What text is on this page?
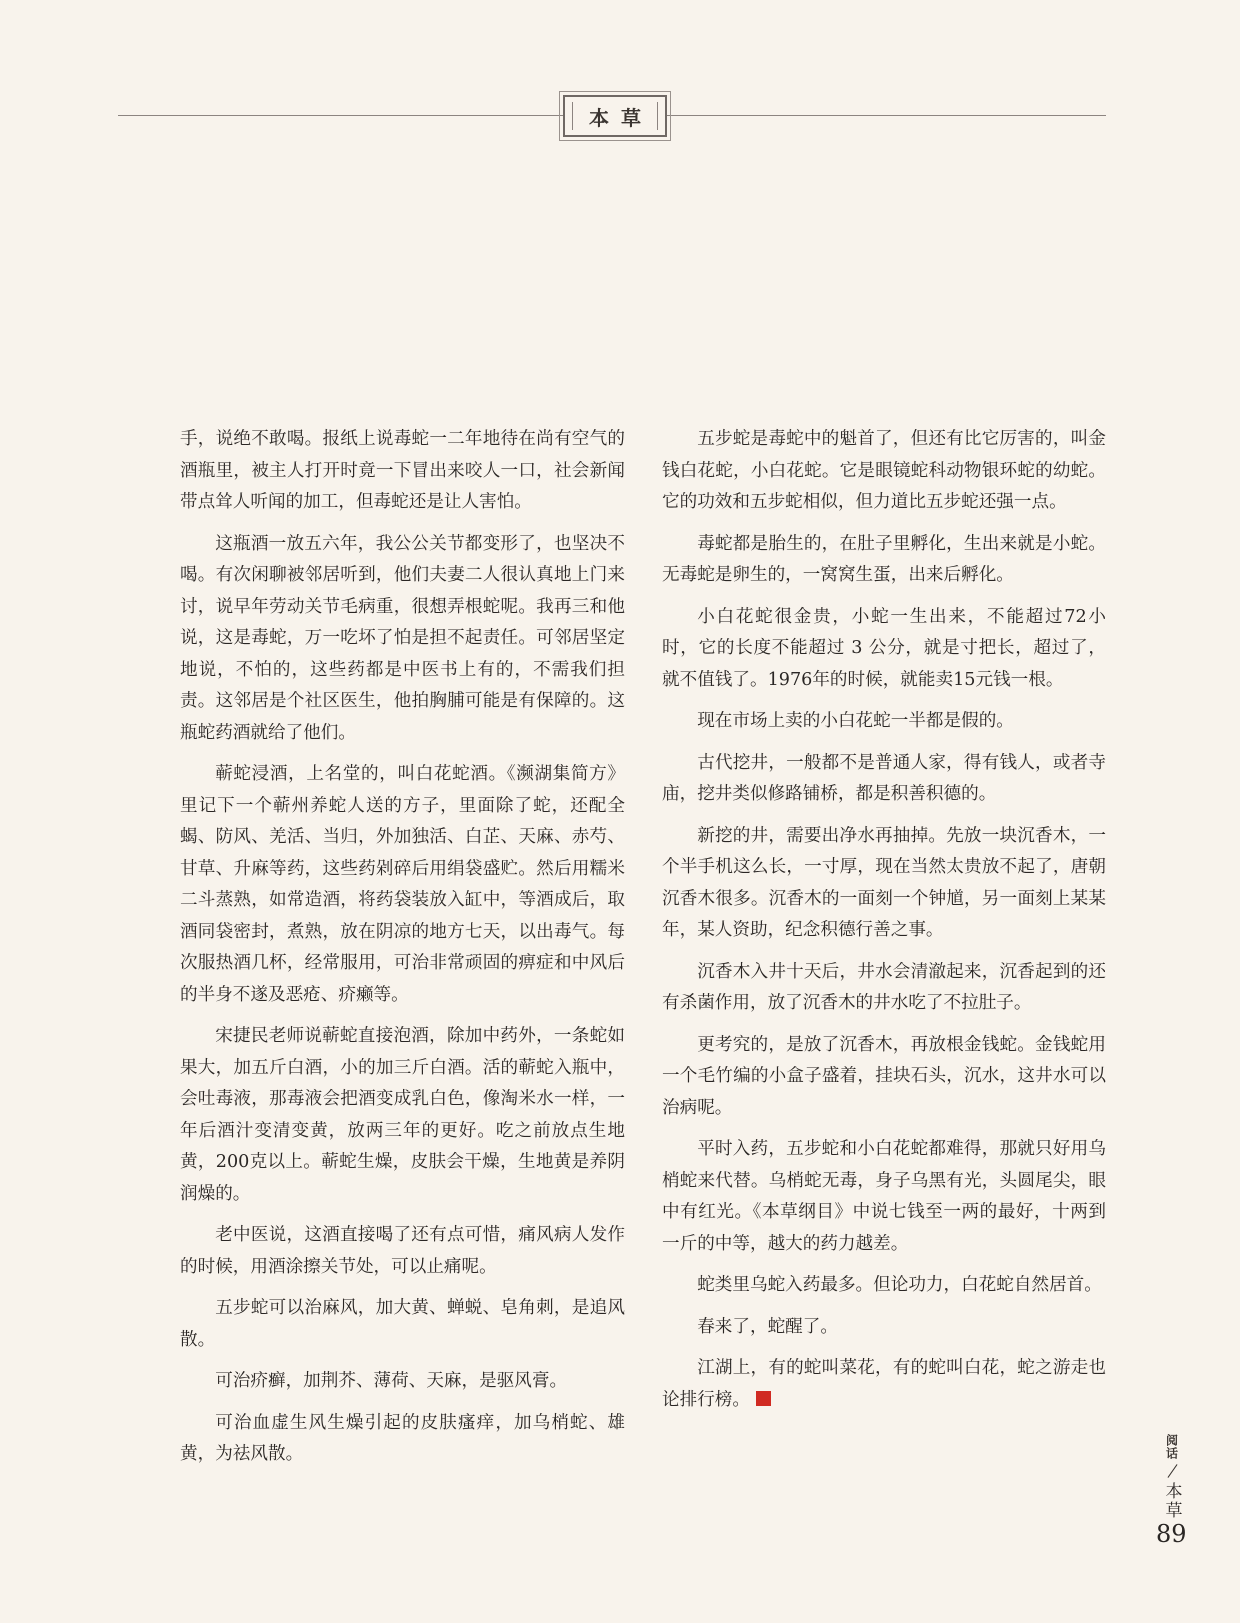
本草

手，说绝不敢喝。报纸上说毒蛇一二年地待在尚有空气的酒瓶里，被主人打开时竟一下冒出来咬人一口，社会新闻带点耸人听闻的加工，但毒蛇还是让人害怕。

这瓶酒一放五六年，我公公关节都变形了，也坚决不喝。有次闲聊被邻居听到，他们夫妻二人很认真地上门来讨，说早年劳动关节毛病重，很想弄根蛇呢。我再三和他说，这是毒蛇，万一吃坏了怕是担不起责任。可邻居坚定地说，不怕的，这些药都是中医书上有的，不需我们担责。这邻居是个社区医生，他拍胸脯可能是有保障的。这瓶蛇药酒就给了他们。

蕲蛇浸酒，上名堂的，叫白花蛇酒。《濒湖集简方》里记下一个蕲州养蛇人送的方子，里面除了蛇，还配全蝎、防风、羌活、当归，外加独活、白芷、天麻、赤芍、甘草、升麻等药，这些药剁碎后用绢袋盛贮。然后用糯米二斗蒸熟，如常造酒，将药袋装放入缸中，等酒成后，取酒同袋密封，煮熟，放在阴凉的地方七天，以出毒气。每次服热酒几杯，经常服用，可治非常顽固的痹症和中风后的半身不遂及恶疮、疥癞等。

宋捷民老师说蕲蛇直接泡酒，除加中药外，一条蛇如果大，加五斤白酒，小的加三斤白酒。活的蕲蛇入瓶中，会吐毒液，那毒液会把酒变成乳白色，像淘米水一样，一年后酒汁变清变黄，放两三年的更好。吃之前放点生地黄，200克以上。蕲蛇生燥，皮肤会干燥，生地黄是养阴润燥的。

老中医说，这酒直接喝了还有点可惜，痛风病人发作的时候，用酒涂擦关节处，可以止痛呢。

五步蛇可以治麻风，加大黄、蝉蜕、皂角刺，是追风散。

可治疥癣，加荆芥、薄荷、天麻，是驱风膏。

可治血虚生风生燥引起的皮肤瘙痒，加乌梢蛇、雄黄，为祛风散。

五步蛇是毒蛇中的魁首了，但还有比它厉害的，叫金钱白花蛇，小白花蛇。它是眼镜蛇科动物银环蛇的幼蛇。它的功效和五步蛇相似，但力道比五步蛇还强一点。

毒蛇都是胎生的，在肚子里孵化，生出来就是小蛇。无毒蛇是卵生的，一窝窝生蛋，出来后孵化。

小白花蛇很金贵，小蛇一生出来，不能超过72小时，它的长度不能超过 3 公分，就是寸把长，超过了，就不值钱了。1976年的时候，就能卖15元钱一根。

现在市场上卖的小白花蛇一半都是假的。

古代挖井，一般都不是普通人家，得有钱人，或者寺庙，挖井类似修路铺桥，都是积善积德的。

新挖的井，需要出净水再抽掉。先放一块沉香木，一个半手机这么长，一寸厚，现在当然太贵放不起了，唐朝沉香木很多。沉香木的一面刻一个钟馗，另一面刻上某某年，某人资助，纪念积德行善之事。

沉香木入井十天后，井水会清澈起来，沉香起到的还有杀菌作用，放了沉香木的井水吃了不拉肚子。

更考究的，是放了沉香木，再放根金钱蛇。金钱蛇用一个毛竹编的小盒子盛着，挂块石头，沉水，这井水可以治病呢。

平时入药，五步蛇和小白花蛇都难得，那就只好用乌梢蛇来代替。乌梢蛇无毒，身子乌黑有光，头圆尾尖，眼中有红光。《本草纲目》中说七钱至一两的最好，十两到一斤的中等，越大的药力越差。

蛇类里乌蛇入药最多。但论功力，白花蛇自然居首。

春来了，蛇醒了。

江湖上，有的蛇叫菜花，有的蛇叫白花，蛇之游走也论排行榜。

阅话
本草
89
